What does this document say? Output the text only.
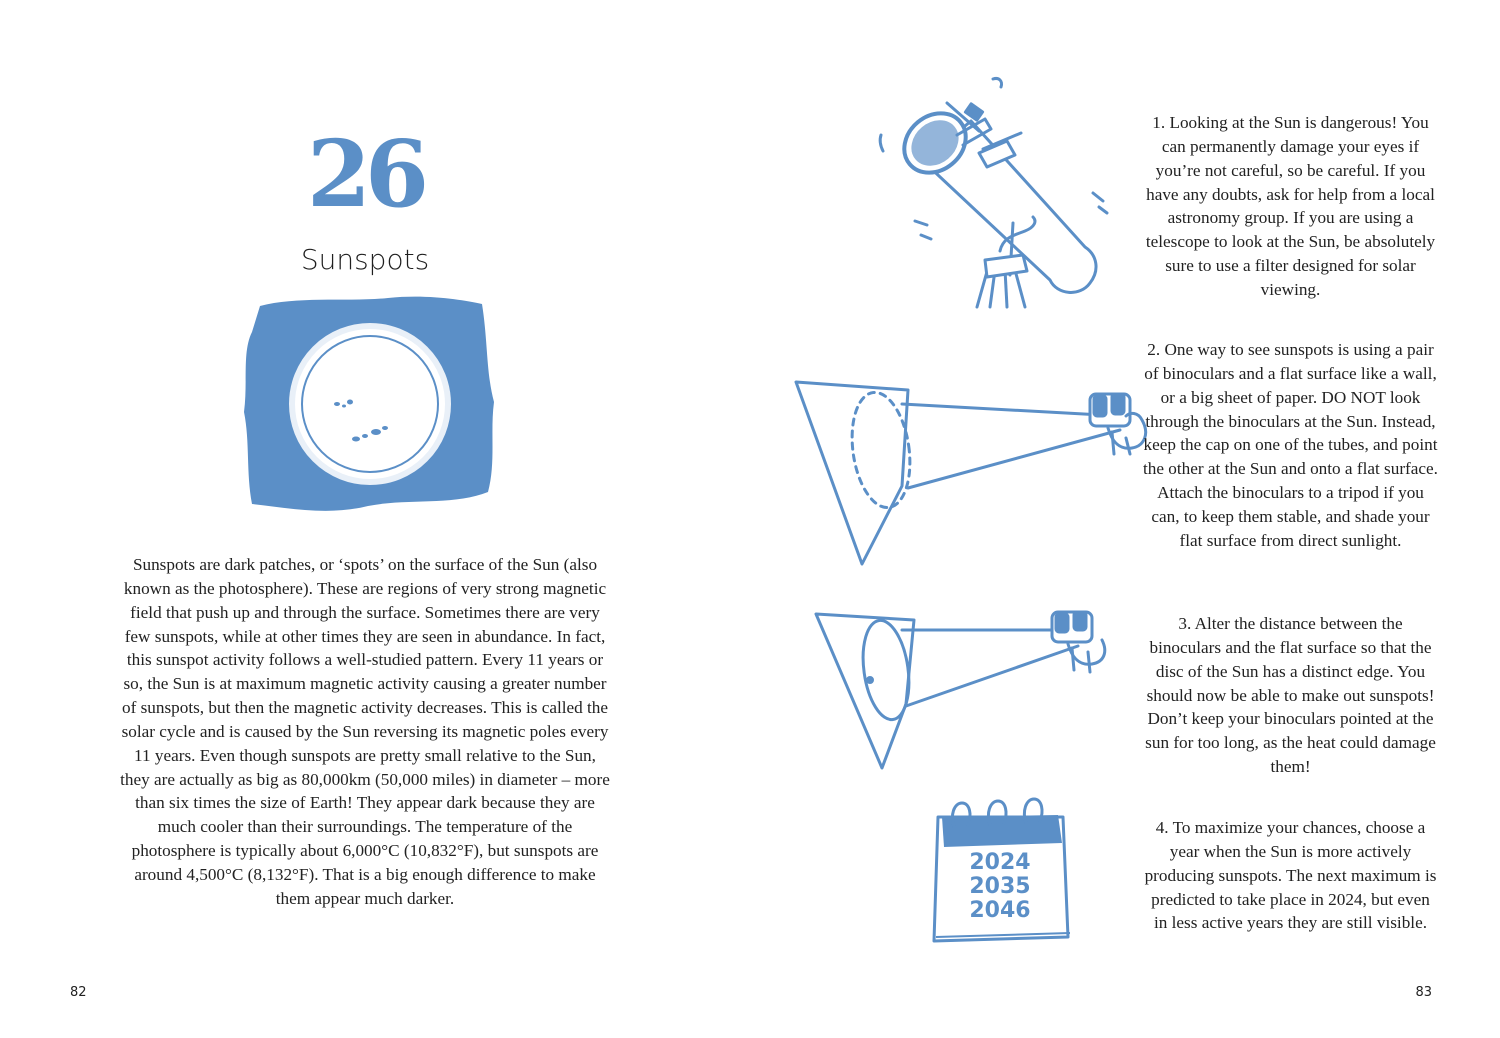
26
Sunspots
Sunspots are dark patches, or ‘spots’ on the surface of the Sun (also known as the photosphere). These are regions of very strong magnetic field that push up and through the surface. Sometimes there are very few sunspots, while at other times they are seen in abundance. In fact, this sunspot activity follows a well-studied pattern. Every 11 years or so, the Sun is at maximum magnetic activity causing a greater number of sunspots, but then the magnetic activity decreases. This is called the solar cycle and is caused by the Sun reversing its magnetic poles every 11 years. Even though sunspots are pretty small relative to the Sun, they are actually as big as 80,000km (50,000 miles) in diameter – more than six times the size of Earth! They appear dark because they are much cooler than their surroundings. The temperature of the photosphere is typically about 6,000°C (10,832°F), but sunspots are around 4,500°C (8,132°F). That is a big enough difference to make them appear much darker.
82
2024
2035
2046
1. Looking at the Sun is dangerous! You can permanently damage your eyes if you’re not careful, so be careful. If you have any doubts, ask for help from a local astronomy group. If you are using a telescope to look at the Sun, be absolutely sure to use a filter designed for solar viewing.
2. One way to see sunspots is using a pair of binoculars and a flat surface like a wall, or a big sheet of paper. DO NOT look through the binoculars at the Sun. Instead, keep the cap on one of the tubes, and point the other at the Sun and onto a flat surface. Attach the binoculars to a tripod if you can, to keep them stable, and shade your flat surface from direct sunlight.
3. Alter the distance between the binoculars and the flat surface so that the disc of the Sun has a distinct edge. You should now be able to make out sunspots! Don’t keep your binoculars pointed at the sun for too long, as the heat could damage them!
4. To maximize your chances, choose a year when the Sun is more actively producing sunspots. The next maximum is predicted to take place in 2024, but even in less active years they are still visible.
83
